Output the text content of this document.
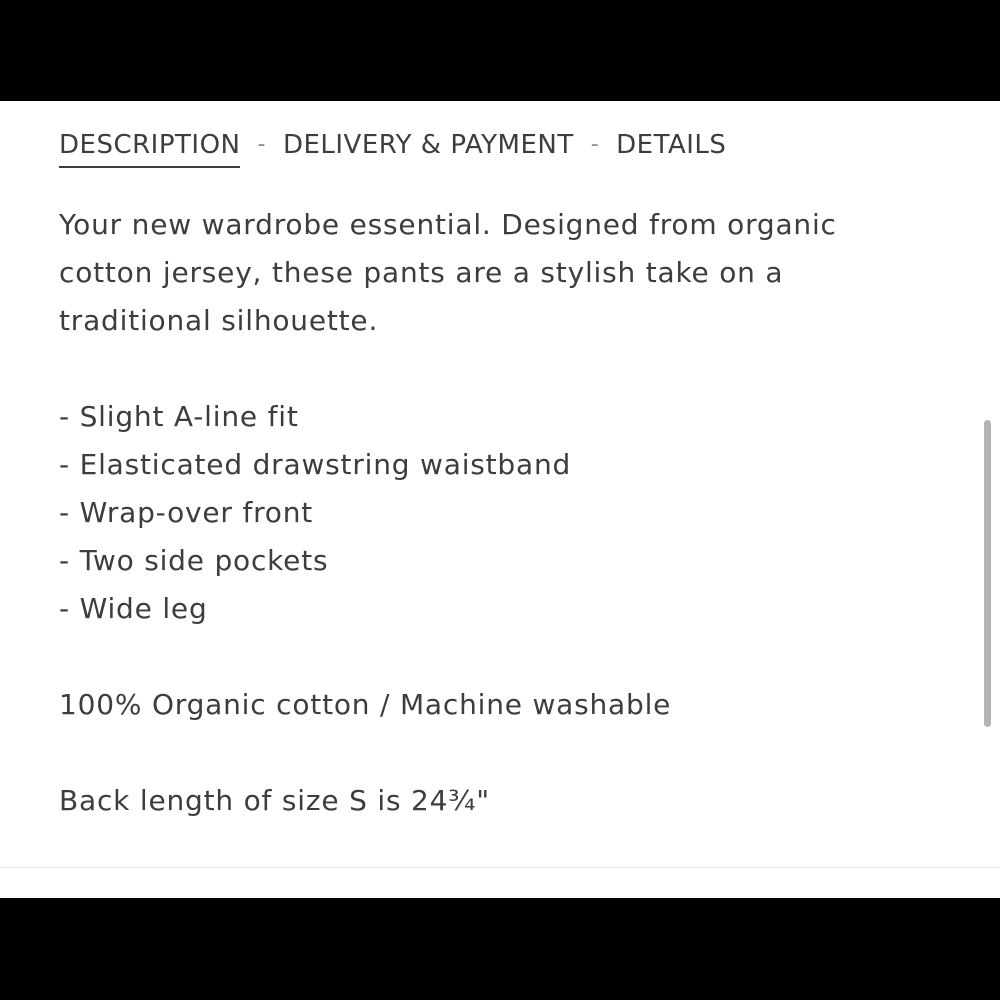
DESCRIPTION - DELIVERY & PAYMENT - DETAILS
Your new wardrobe essential. Designed from organic
cotton jersey, these pants are a stylish take on a
traditional silhouette.
- Slight A-line fit
- Elasticated drawstring waistband
- Wrap-over front
- Two side pockets
- Wide leg
100% Organic cotton / Machine washable
Back length of size S is 24¾"
